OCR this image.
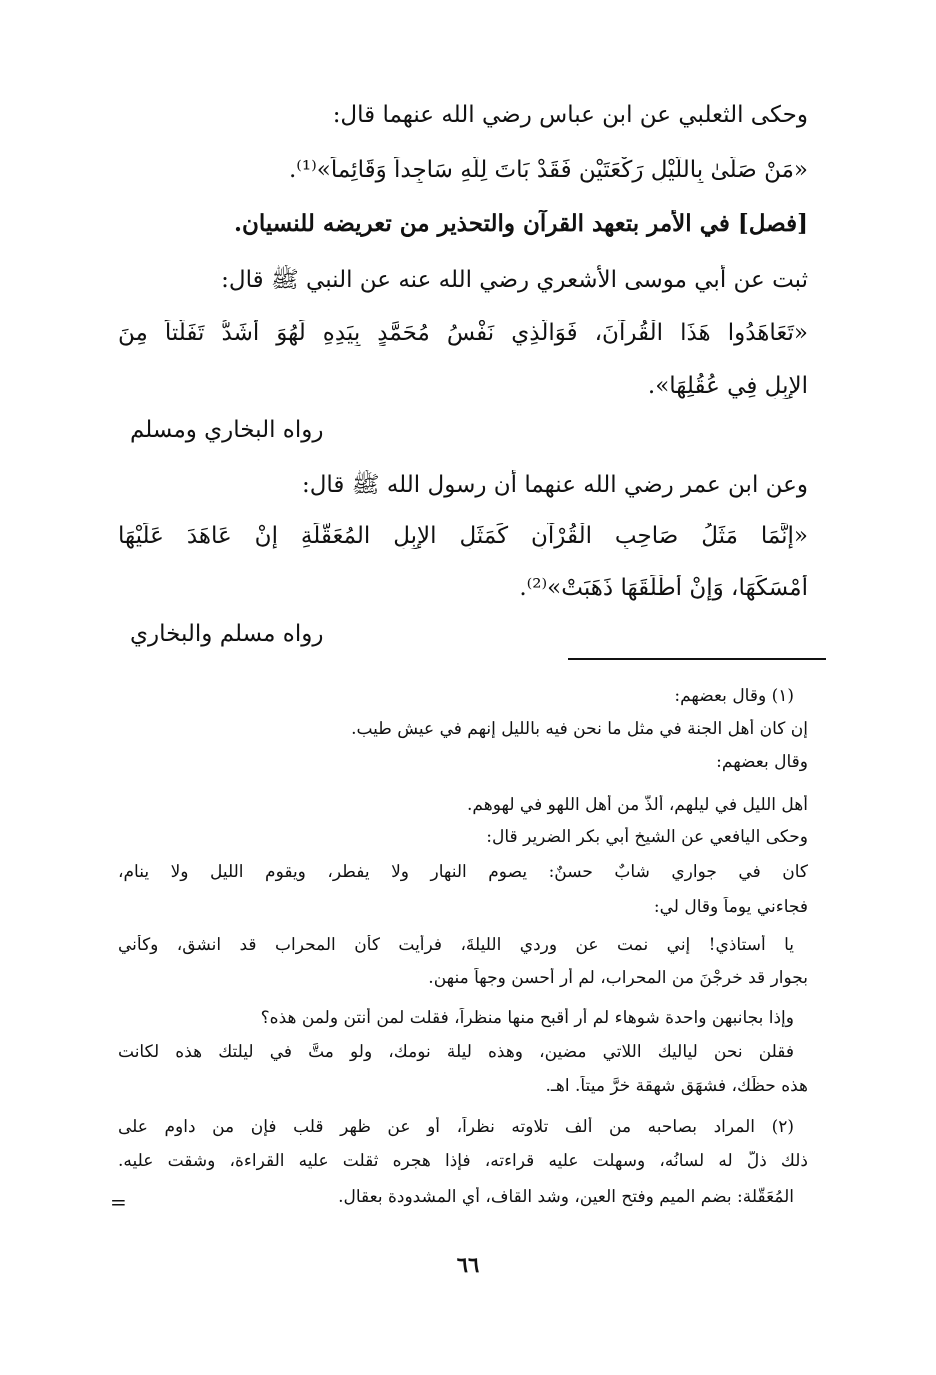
وحكى الثعلبي عن ابن عباس رضي الله عنهما قال:
«مَنْ صَلَّىٰ بِاللَّيْلِ رَكْعَتَيْنِ فَقَدْ بَاتَ لِلَّهِ سَاجِداً وَقَائِماً»⁽¹⁾.
[فصل] في الأمر بتعهد القرآن والتحذير من تعريضه للنسيان.
ثبت عن أبي موسى الأشعري رضي الله عنه عن النبي ﷺ قال:
«تَعَاهَدُوا هَذَا الْقُرآنَ، فَوَالَّذِي نَفْسُ مُحَمَّدٍ بِيَدِهِ لَهُوَ أَشَدُّ تَفَلُّتاً مِنَ
الإِبِلِ فِي عُقُلِهَا».
رواه البخاري ومسلم
وعن ابن عمر رضي الله عنهما أن رسول الله ﷺ قال:
«إِنَّمَا مَثَلُ صَاحِبِ الْقُرْآنِ كَمَثَلِ الإِبِلِ المُعَقَّلَةِ إِنْ عَاهَدَ عَلَيْهَا
أَمْسَكَهَا، وَإِنْ أَطْلَقَهَا ذَهَبَتْ»⁽²⁾.
رواه مسلم والبخاري
(١) وقال بعضهم:
إن كان أهل الجنة في مثل ما نحن فيه بالليل إنهم في عيشٍ طيب.
وقال بعضهم:
أهل الليل في ليلهم، ألذُّ من أهل اللهو في لهوهم.
وحكى اليافعي عن الشيخ أبي بكر الضرير قال:
كان في جواري شابٌ حسنٌ: يصوم النهار ولا يفطر، ويقوم الليل ولا ينام،
فجاءني يوماً وقال لي:
يا أستاذي! إني نمت عن وردي الليلةَ، فرأيت كأن المحراب قد انشق، وكأني
بجوار قد خرجْنَ من المحراب، لم أر أحسن وجهاً منهن.
وإذا بجانبهن واحدة شوهاء لم أر أقبح منها منظراً، فقلت لمن أنتن ولمن هذه؟
فقلن نحن لياليك اللاتي مضين، وهذه ليلة نومك، ولو متَّ في ليلتك هذه لكانت
هذه حظَك، فشهَق شهقة خرَّ ميتاً. اهـ.
(٢) المراد بصاحبه من ألف تلاوته نظراً، أو عن ظهر قلب فإن من داوم على
ذلك ذلَّ له لسانُه، وسهلت عليه قراءته، فإذا هجره ثقلت عليه القراءة، وشقت عليه.
المُعَقَّلة: بضم الميم وفتح العين، وشد القاف، أي المشدودة بعقال.
=
٦٦
